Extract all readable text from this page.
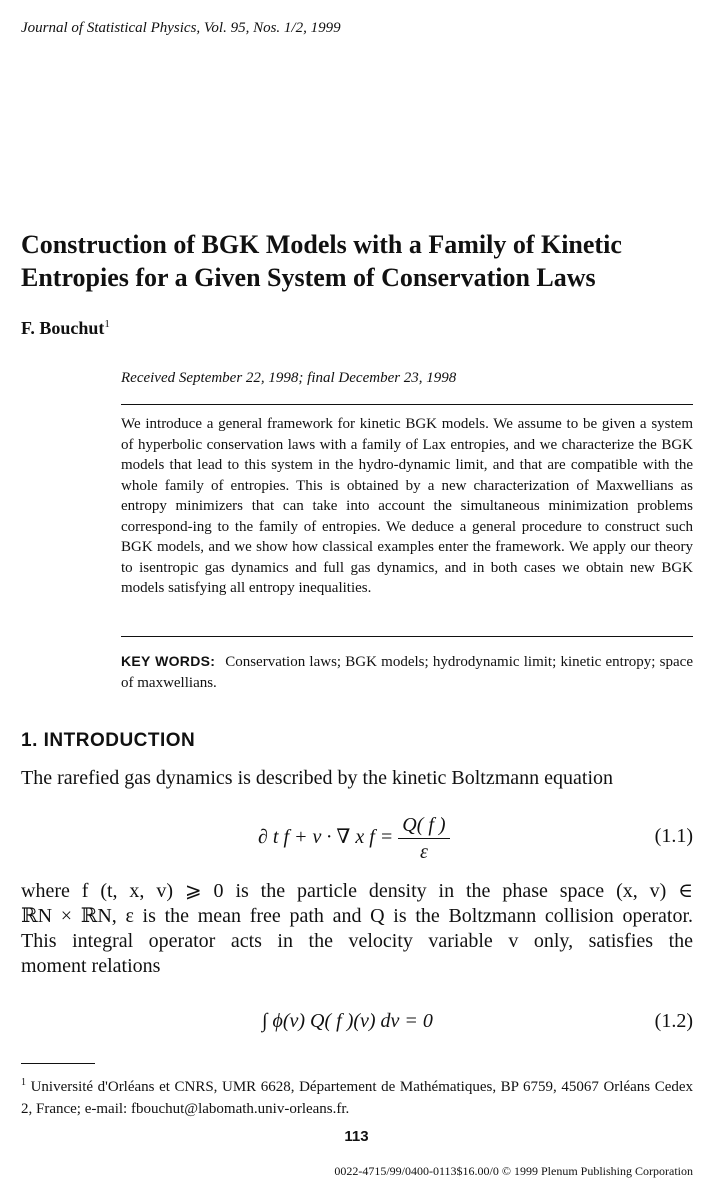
Journal of Statistical Physics, Vol. 95, Nos. 1/2, 1999
Construction of BGK Models with a Family of Kinetic
Entropies for a Given System of Conservation Laws
F. Bouchut$^1$
Received September 22, 1998; final December 23, 1998

We introduce a general framework for kinetic BGK models. We assume to be given a system of hyperbolic conservation laws with a family of Lax entropies, and we characterize the BGK models that lead to this system in the hydro-dynamic limit, and that are compatible with the whole family of entropies. This is obtained by a new characterization of Maxwellians as entropy minimizers that can take into account the simultaneous minimization problems correspond-ing to the family of entropies. We deduce a general procedure to construct such BGK models, and we show how classical examples enter the framework. We apply our theory to isentropic gas dynamics and full gas dynamics, and in both cases we obtain new BGK models satisfying all entropy inequalities.

KEY WORDS: Conservation laws; BGK models; hydrodynamic limit; kinetic entropy; space of maxwellians.

1. INTRODUCTION

The rarefied gas dynamics is described by the kinetic Boltzmann equation

∂ t f + v · ∇ x $f = \frac{Q( f )}{\varepsilon}$	(1.1)

where f (t, x, v) ⩾ 0 is the particle density in the phase space (x, v) ∈

ℝN × ℝN, ε is the mean free path and Q is the Boltzmann collision operator.

This integral operator acts in the velocity variable v only, satisfies the

moment relations

∫ ϕ(v) Q( f )(v) dv = 0	(1.2)

$^1$ Université d'Orléans et CNRS, UMR 6628, Département de Mathématiques, BP 6759, 45067 Orléans Cedex 2, France; e-mail: fbouchut@labomath.univ-orleans.fr.

113
0022-4715/99/0400-0113$16.00/0 © 1999 Plenum Publishing Corporation
